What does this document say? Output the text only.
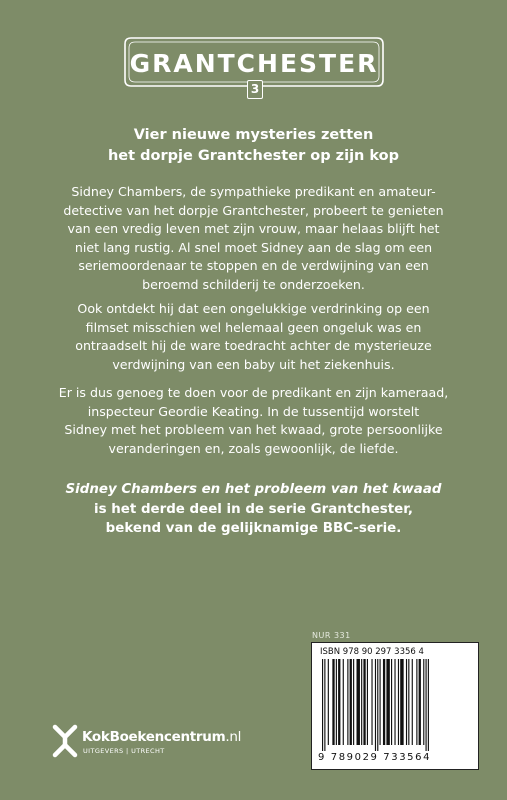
GRANTCHESTER
3
Vier nieuwe mysteries zetten
het dorpje Grantchester op zijn kop
Sidney Chambers, de sympathieke predikant en amateur-
detective van het dorpje Grantchester, probeert te genieten
van een vredig leven met zijn vrouw, maar helaas blijft het
niet lang rustig. Al snel moet Sidney aan de slag om een
seriemoordenaar te stoppen en de verdwijning van een
beroemd schilderij te onderzoeken.
Ook ontdekt hij dat een ongelukkige verdrinking op een
filmset misschien wel helemaal geen ongeluk was en
ontraadselt hij de ware toedracht achter de mysterieuze
verdwijning van een baby uit het ziekenhuis.
Er is dus genoeg te doen voor de predikant en zijn kameraad,
inspecteur Geordie Keating. In de tussentijd worstelt
Sidney met het probleem van het kwaad, grote persoonlijke
veranderingen en, zoals gewoonlijk, de liefde.
Sidney Chambers en het probleem van het kwaad
is het derde deel in de serie Grantchester,
bekend van de gelijknamige BBC-serie.
NUR 331
ISBN 978 90 297 3356 4
9 789029 733564
KokBoekencentrum.nl
UITGEVERS | UTRECHT
